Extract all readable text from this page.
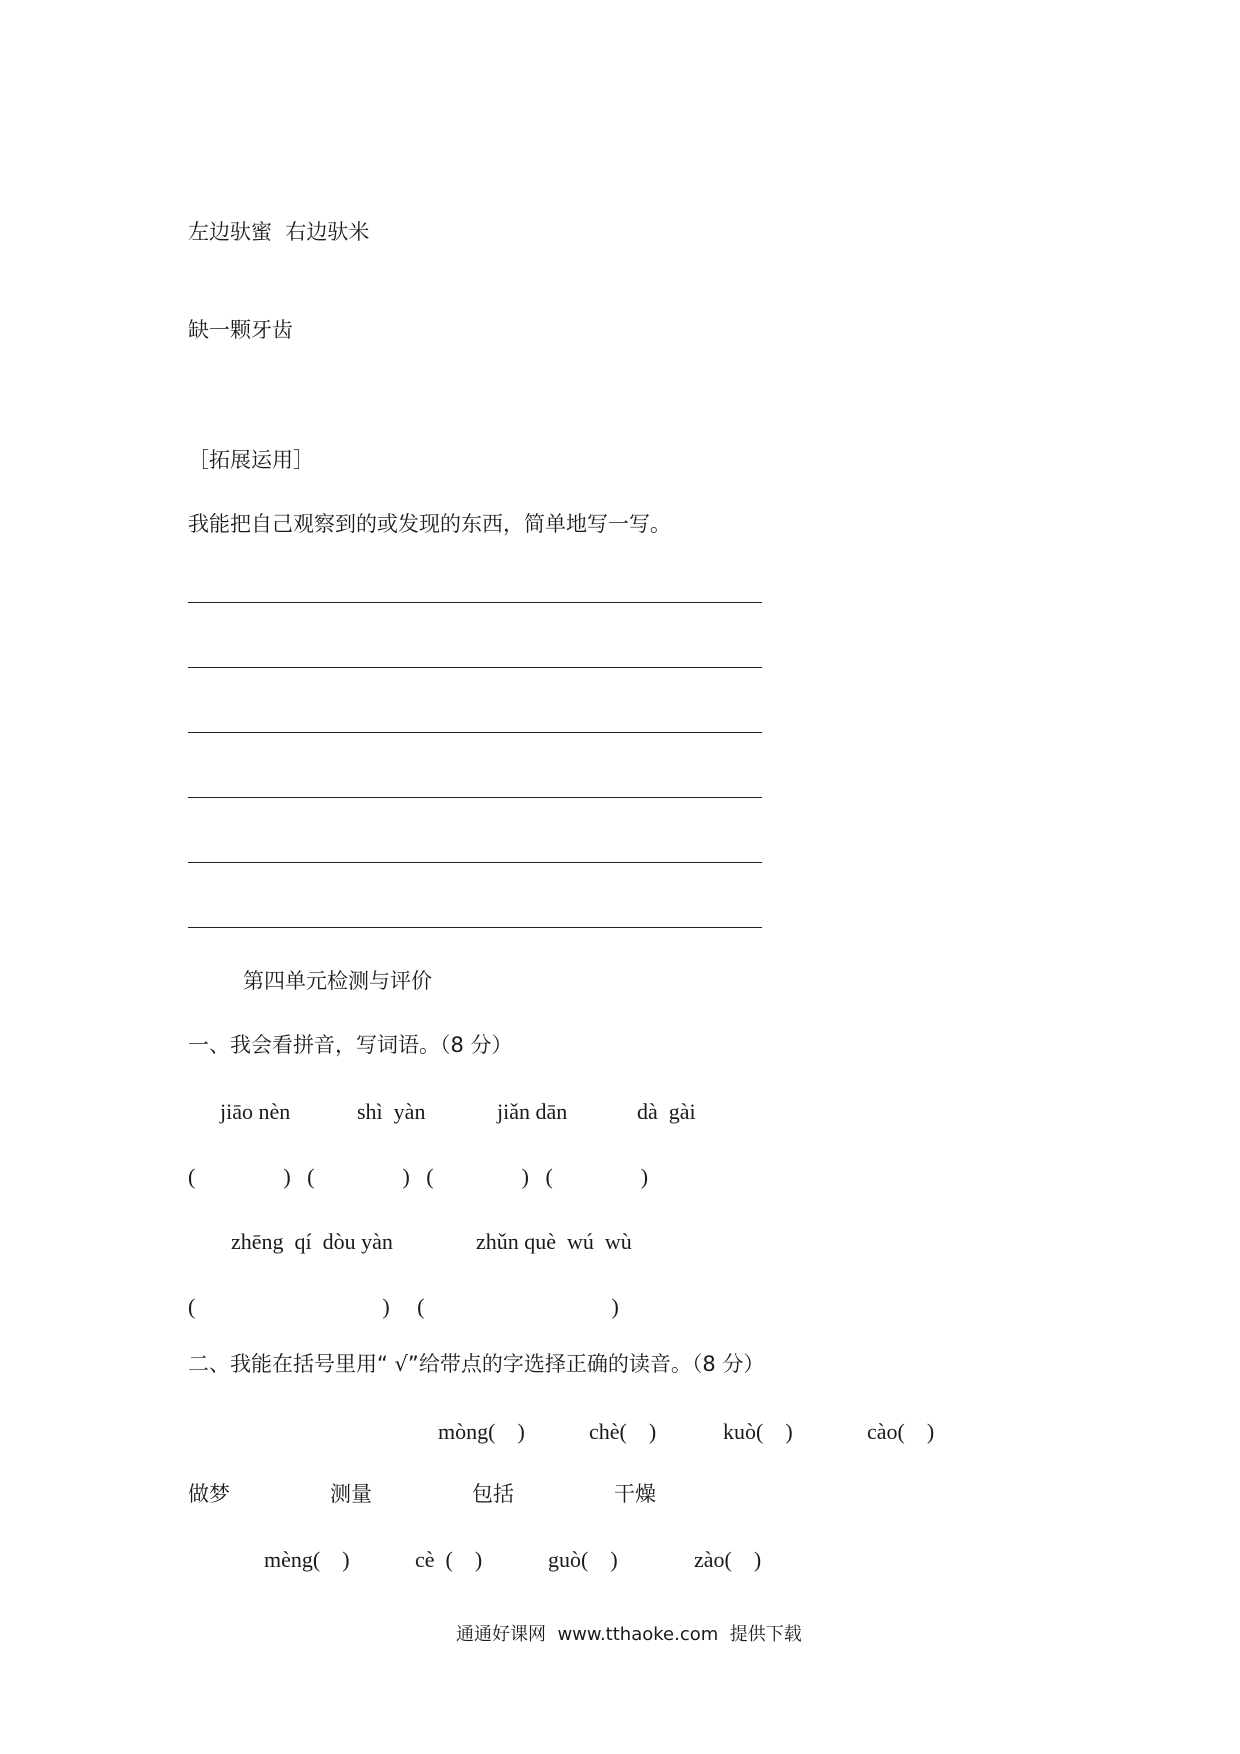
左边驮蜜  右边驮米
缺一颗牙齿
［拓展运用］
我能把自己观察到的或发现的东西，简单地写一写。
第四单元检测与评价
一、我会看拼音，写词语。（8 分）
jiāo nèn	shì  yàn	jiǎn dān	dà  gài
(                )   (                )   (                )   (                )
zhēng  qí  dòu yàn	zhǔn què  wú  wù
(                                  )     (                                  )
二、我能在括号里用“ √”给带点的字选择正确的读音。（8 分）
mòng(    )	chè(    )	kuò(    )	cào(    )
做梦	测量	包括	干燥
mèng(    )	cè  (    )	guò(    )	zào(    )
通通好课网  www.tthaoke.com  提供下载
